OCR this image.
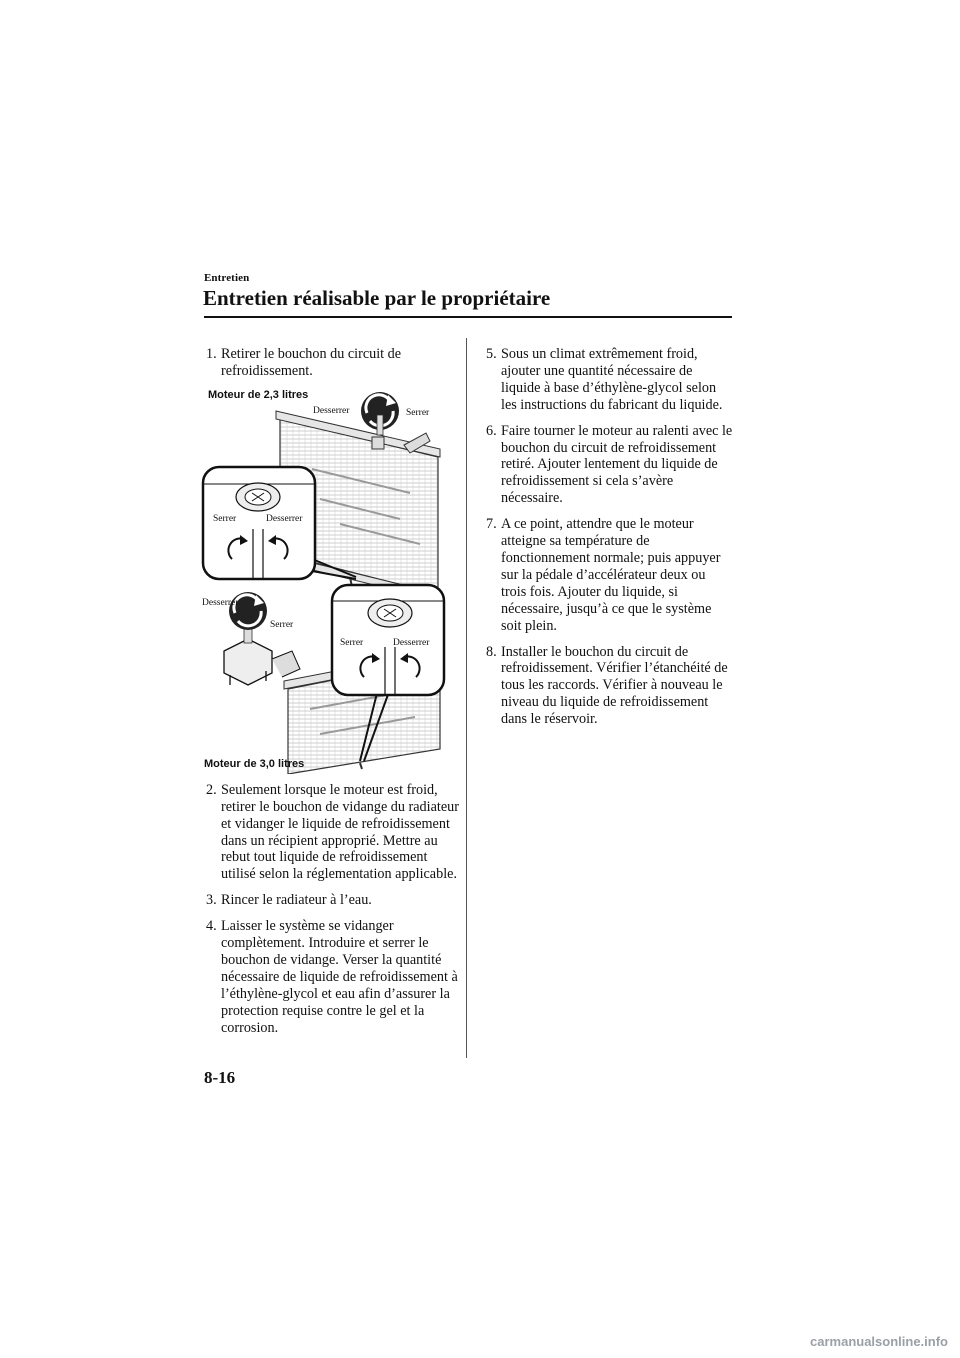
Entretien
Entretien réalisable par le propriétaire
1. Retirer le bouchon du circuit de refroidissement.
Moteur de 2,3 litres
Desserrer	Serrer
Serrer	Desserrer
Desserrer
Serrer
Serrer	Desserrer
Moteur de 3,0 litres
2. Seulement lorsque le moteur est froid, retirer le bouchon de vidange du radiateur et vidanger le liquide de refroidissement dans un récipient approprié. Mettre au rebut tout liquide de refroidissement utilisé selon la réglementation applicable.
3. Rincer le radiateur à l’eau.
4. Laisser le système se vidanger complètement. Introduire et serrer le bouchon de vidange. Verser la quantité nécessaire de liquide de refroidissement à l’éthylène-glycol et eau afin d’assurer la protection requise contre le gel et la corrosion.
5. Sous un climat extrêmement froid, ajouter une quantité nécessaire de liquide à base d’éthylène-glycol selon les instructions du fabricant du liquide.
6. Faire tourner le moteur au ralenti avec le bouchon du circuit de refroidissement retiré. Ajouter lentement du liquide de refroidissement si cela s’avère nécessaire.
7. A ce point, attendre que le moteur atteigne sa température de fonctionnement normale; puis appuyer sur la pédale d’accélérateur deux ou trois fois. Ajouter du liquide, si nécessaire, jusqu’à ce que le système soit plein.
8. Installer le bouchon du circuit de refroidissement. Vérifier l’étanchéité de tous les raccords. Vérifier à nouveau le niveau du liquide de refroidissement dans le réservoir.
8-16
carmanualsonline.info
